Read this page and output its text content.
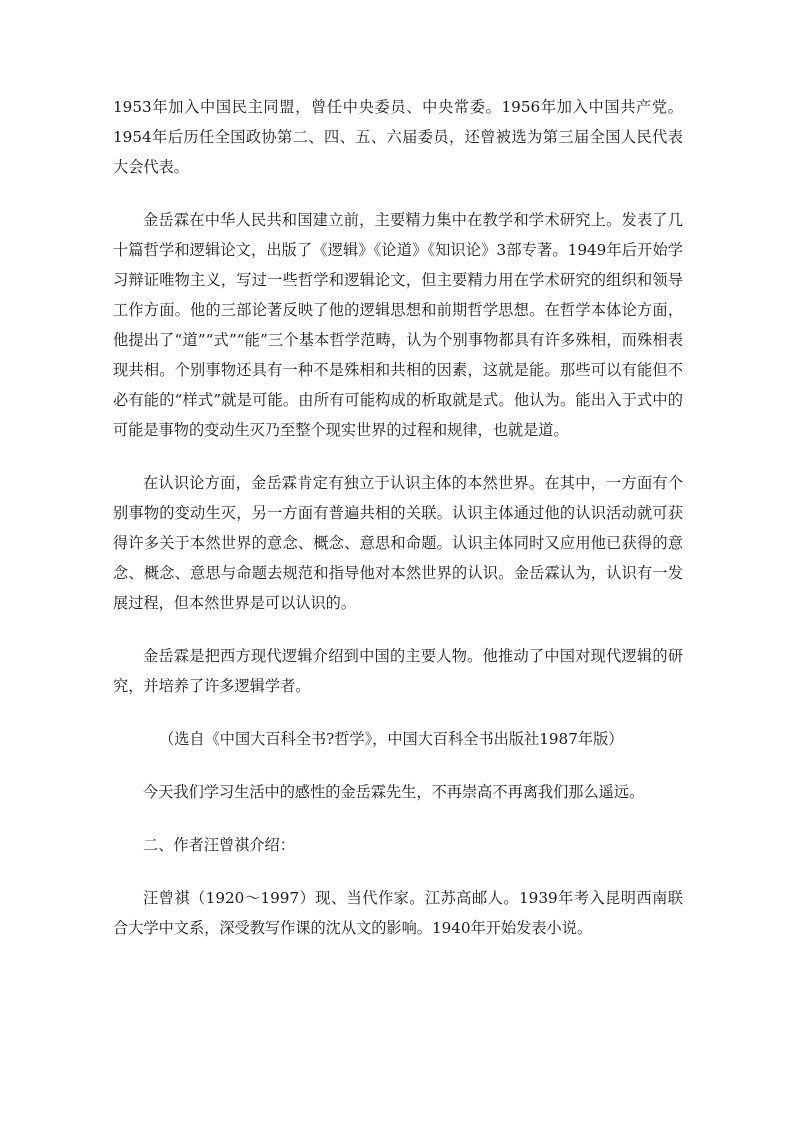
1953年加入中国民主同盟，曾任中央委员、中央常委。1956年加入中国共产党。1954年后历任全国政协第二、四、五、六届委员，还曾被选为第三届全国人民代表大会代表。

金岳霖在中华人民共和国建立前，主要精力集中在教学和学术研究上。发表了几十篇哲学和逻辑论文，出版了《逻辑》《论道》《知识论》3部专著。1949年后开始学习辩证唯物主义，写过一些哲学和逻辑论文，但主要精力用在学术研究的组织和领导工作方面。他的三部论著反映了他的逻辑思想和前期哲学思想。在哲学本体论方面，他提出了“道”“式”“能”三个基本哲学范畴，认为个别事物都具有许多殊相，而殊相表现共相。个别事物还具有一种不是殊相和共相的因素，这就是能。那些可以有能但不必有能的“样式”就是可能。由所有可能构成的析取就是式。他认为。能出入于式中的可能是事物的变动生灭乃至整个现实世界的过程和规律，也就是道。

在认识论方面，金岳霖肯定有独立于认识主体的本然世界。在其中，一方面有个别事物的变动生灭，另一方面有普遍共相的关联。认识主体通过他的认识活动就可获得许多关于本然世界的意念、概念、意思和命题。认识主体同时又应用他已获得的意念、概念、意思与命题去规范和指导他对本然世界的认识。金岳霖认为，认识有一发展过程，但本然世界是可以认识的。

金岳霖是把西方现代逻辑介绍到中国的主要人物。他推动了中国对现代逻辑的研究，并培养了许多逻辑学者。

（选自《中国大百科全书?哲学》，中国大百科全书出版社1987年版）

今天我们学习生活中的感性的金岳霖先生，不再崇高不再离我们那么遥远。

二、作者汪曾祺介绍：

汪曾祺（1920～1997）现、当代作家。江苏高邮人。1939年考入昆明西南联合大学中文系，深受教写作课的沈从文的影响。1940年开始发表小说。
